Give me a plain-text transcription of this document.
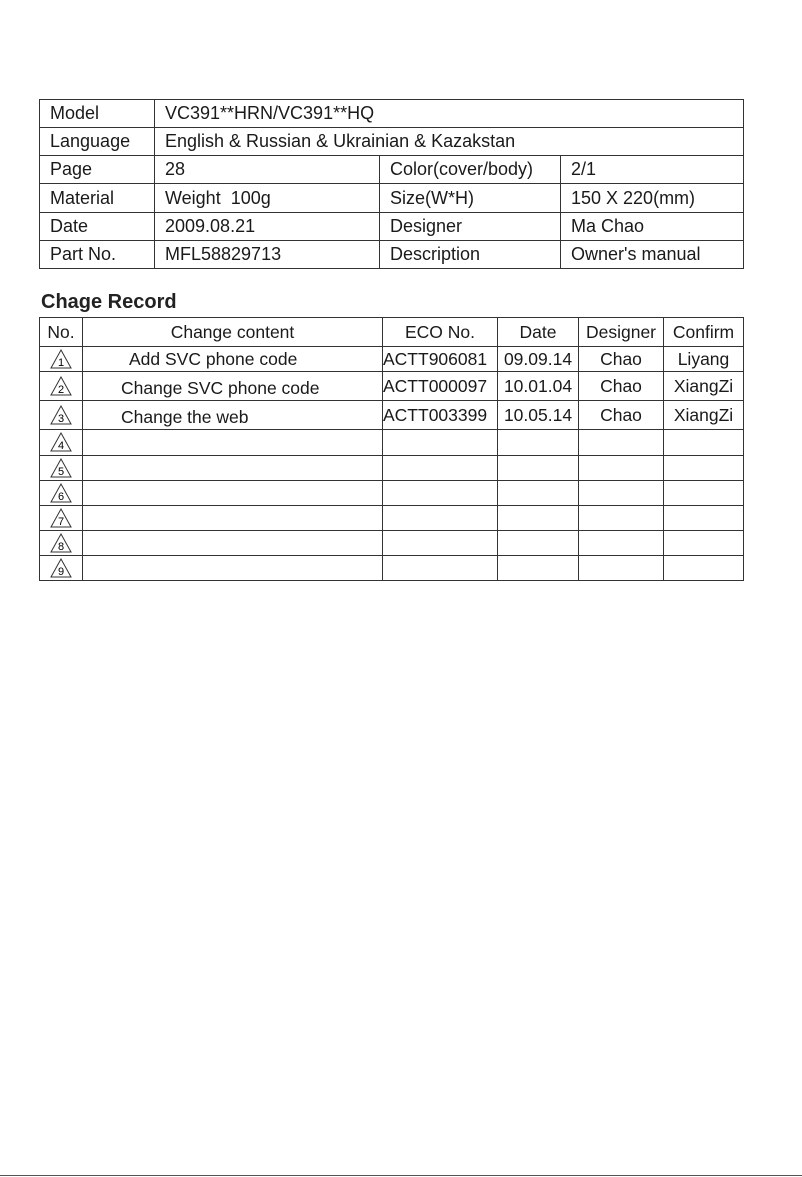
Model	VC391**HRN/VC391**HQ		
Language	English & Russian & Ukrainian & Kazakstan		
Page	28	Color(cover/body)	2/1
Material	Weight  100g	Size(W*H)	150 X 220(mm)
Date	2009.08.21	Designer	Ma Chao
Part No.	MFL58829713	Description	Owner's manual
Chage Record
No.	Change content	ECO No.	Date	Designer	Confirm

1	Add SVC phone code	ACTT906081	09.09.14	Chao	Liyang

2	Change SVC phone code	ACTT000097	10.01.04	Chao	XiangZi

3	Change the web	ACTT003399	10.05.14	Chao	XiangZi

4					

5					

6					

7					

8					

9					
